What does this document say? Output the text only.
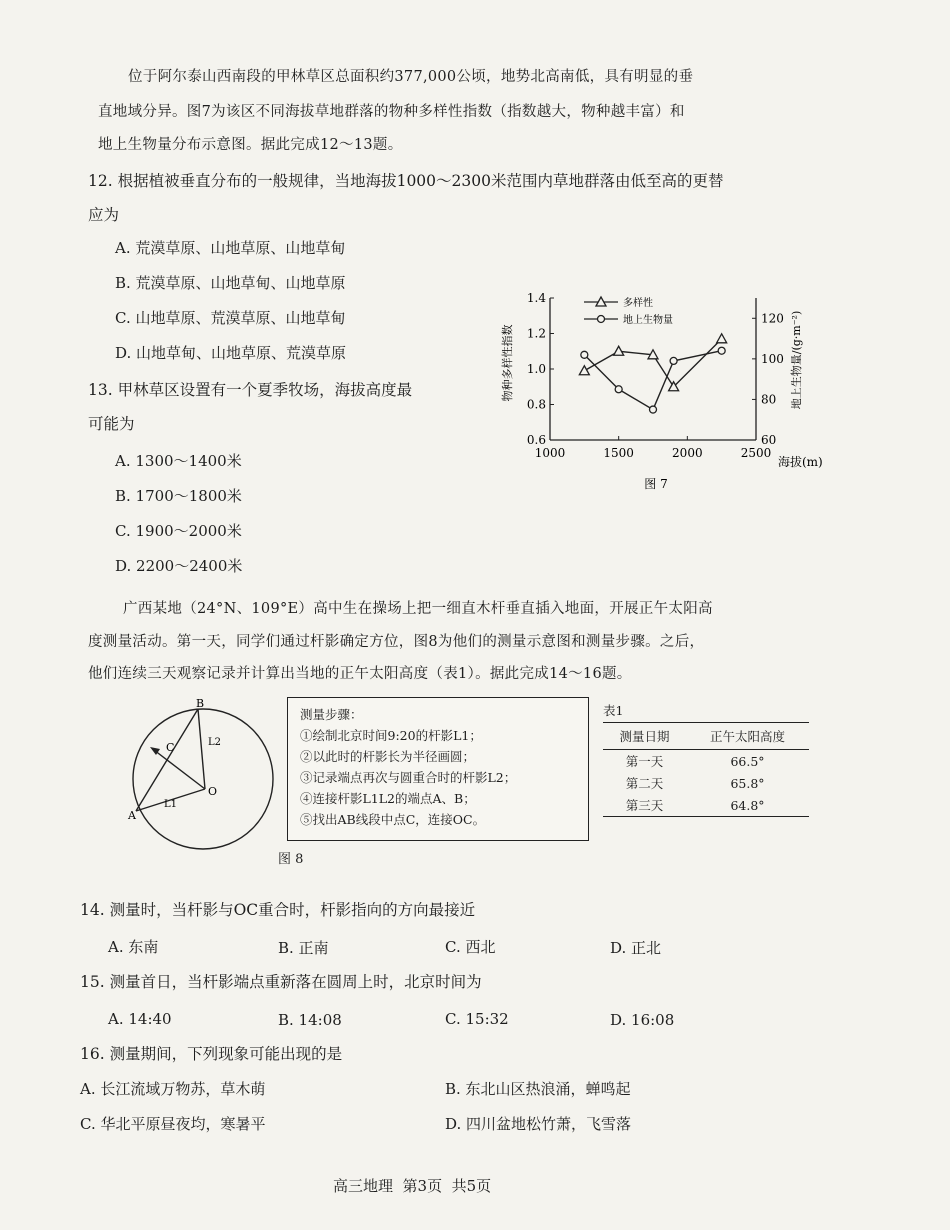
位于阿尔泰山西南段的甲林草区总面积约377,000公顷，地势北高南低，具有明显的垂
直地域分异。图7为该区不同海拔草地群落的物种多样性指数（指数越大，物种越丰富）和
地上生物量分布示意图。据此完成12～13题。
12. 根据植被垂直分布的一般规律，当地海拔1000～2300米范围内草地群落由低至高的更替
应为
A. 荒漠草原、山地草原、山地草甸
B. 荒漠草原、山地草甸、山地草原
C. 山地草原、荒漠草原、山地草甸
D. 山地草甸、山地草原、荒漠草原
13. 甲林草区设置有一个夏季牧场，海拔高度最
可能为
A. 1300～1400米
B. 1700～1800米
C. 1900～2000米
D. 2200～2400米
1000	1500	2000	2500
0.6
0.8
1.0
1.2
1.4
60
80
100
120
多样性
地上生物量
物种多样性指数	地上生物量/(g·m⁻²)
海拔(m)
图 7
广西某地（24°N、109°E）高中生在操场上把一细直木杆垂直插入地面，开展正午太阳高
度测量活动。第一天，同学们通过杆影确定方位，图8为他们的测量示意图和测量步骤。之后，
他们连续三天观察记录并计算出当地的正午太阳高度（表1）。据此完成14～16题。
B
A
C
O
L1
L2
图 8
测量步骤：
①绘制北京时间9:20的杆影L1；
②以此时的杆影长为半径画圆；
③记录端点再次与圆重合时的杆影L2；
④连接杆影L1L2的端点A、B；
⑤找出AB线段中点C，连接OC。
表1
测量日期	正午太阳高度
第一天	66.5°
第二天	65.8°
第三天	64.8°
14. 测量时，当杆影与OC重合时，杆影指向的方向最接近
A. 东南	B. 正南	C. 西北	D. 正北
15. 测量首日，当杆影端点重新落在圆周上时，北京时间为
A. 14:40	B. 14:08	C. 15:32	D. 16:08
16. 测量期间，下列现象可能出现的是
A. 长江流域万物苏，草木萌	B. 东北山区热浪涌，蝉鸣起
C. 华北平原昼夜均，寒暑平	D. 四川盆地松竹萧，飞雪落
高三地理  第3页  共5页
